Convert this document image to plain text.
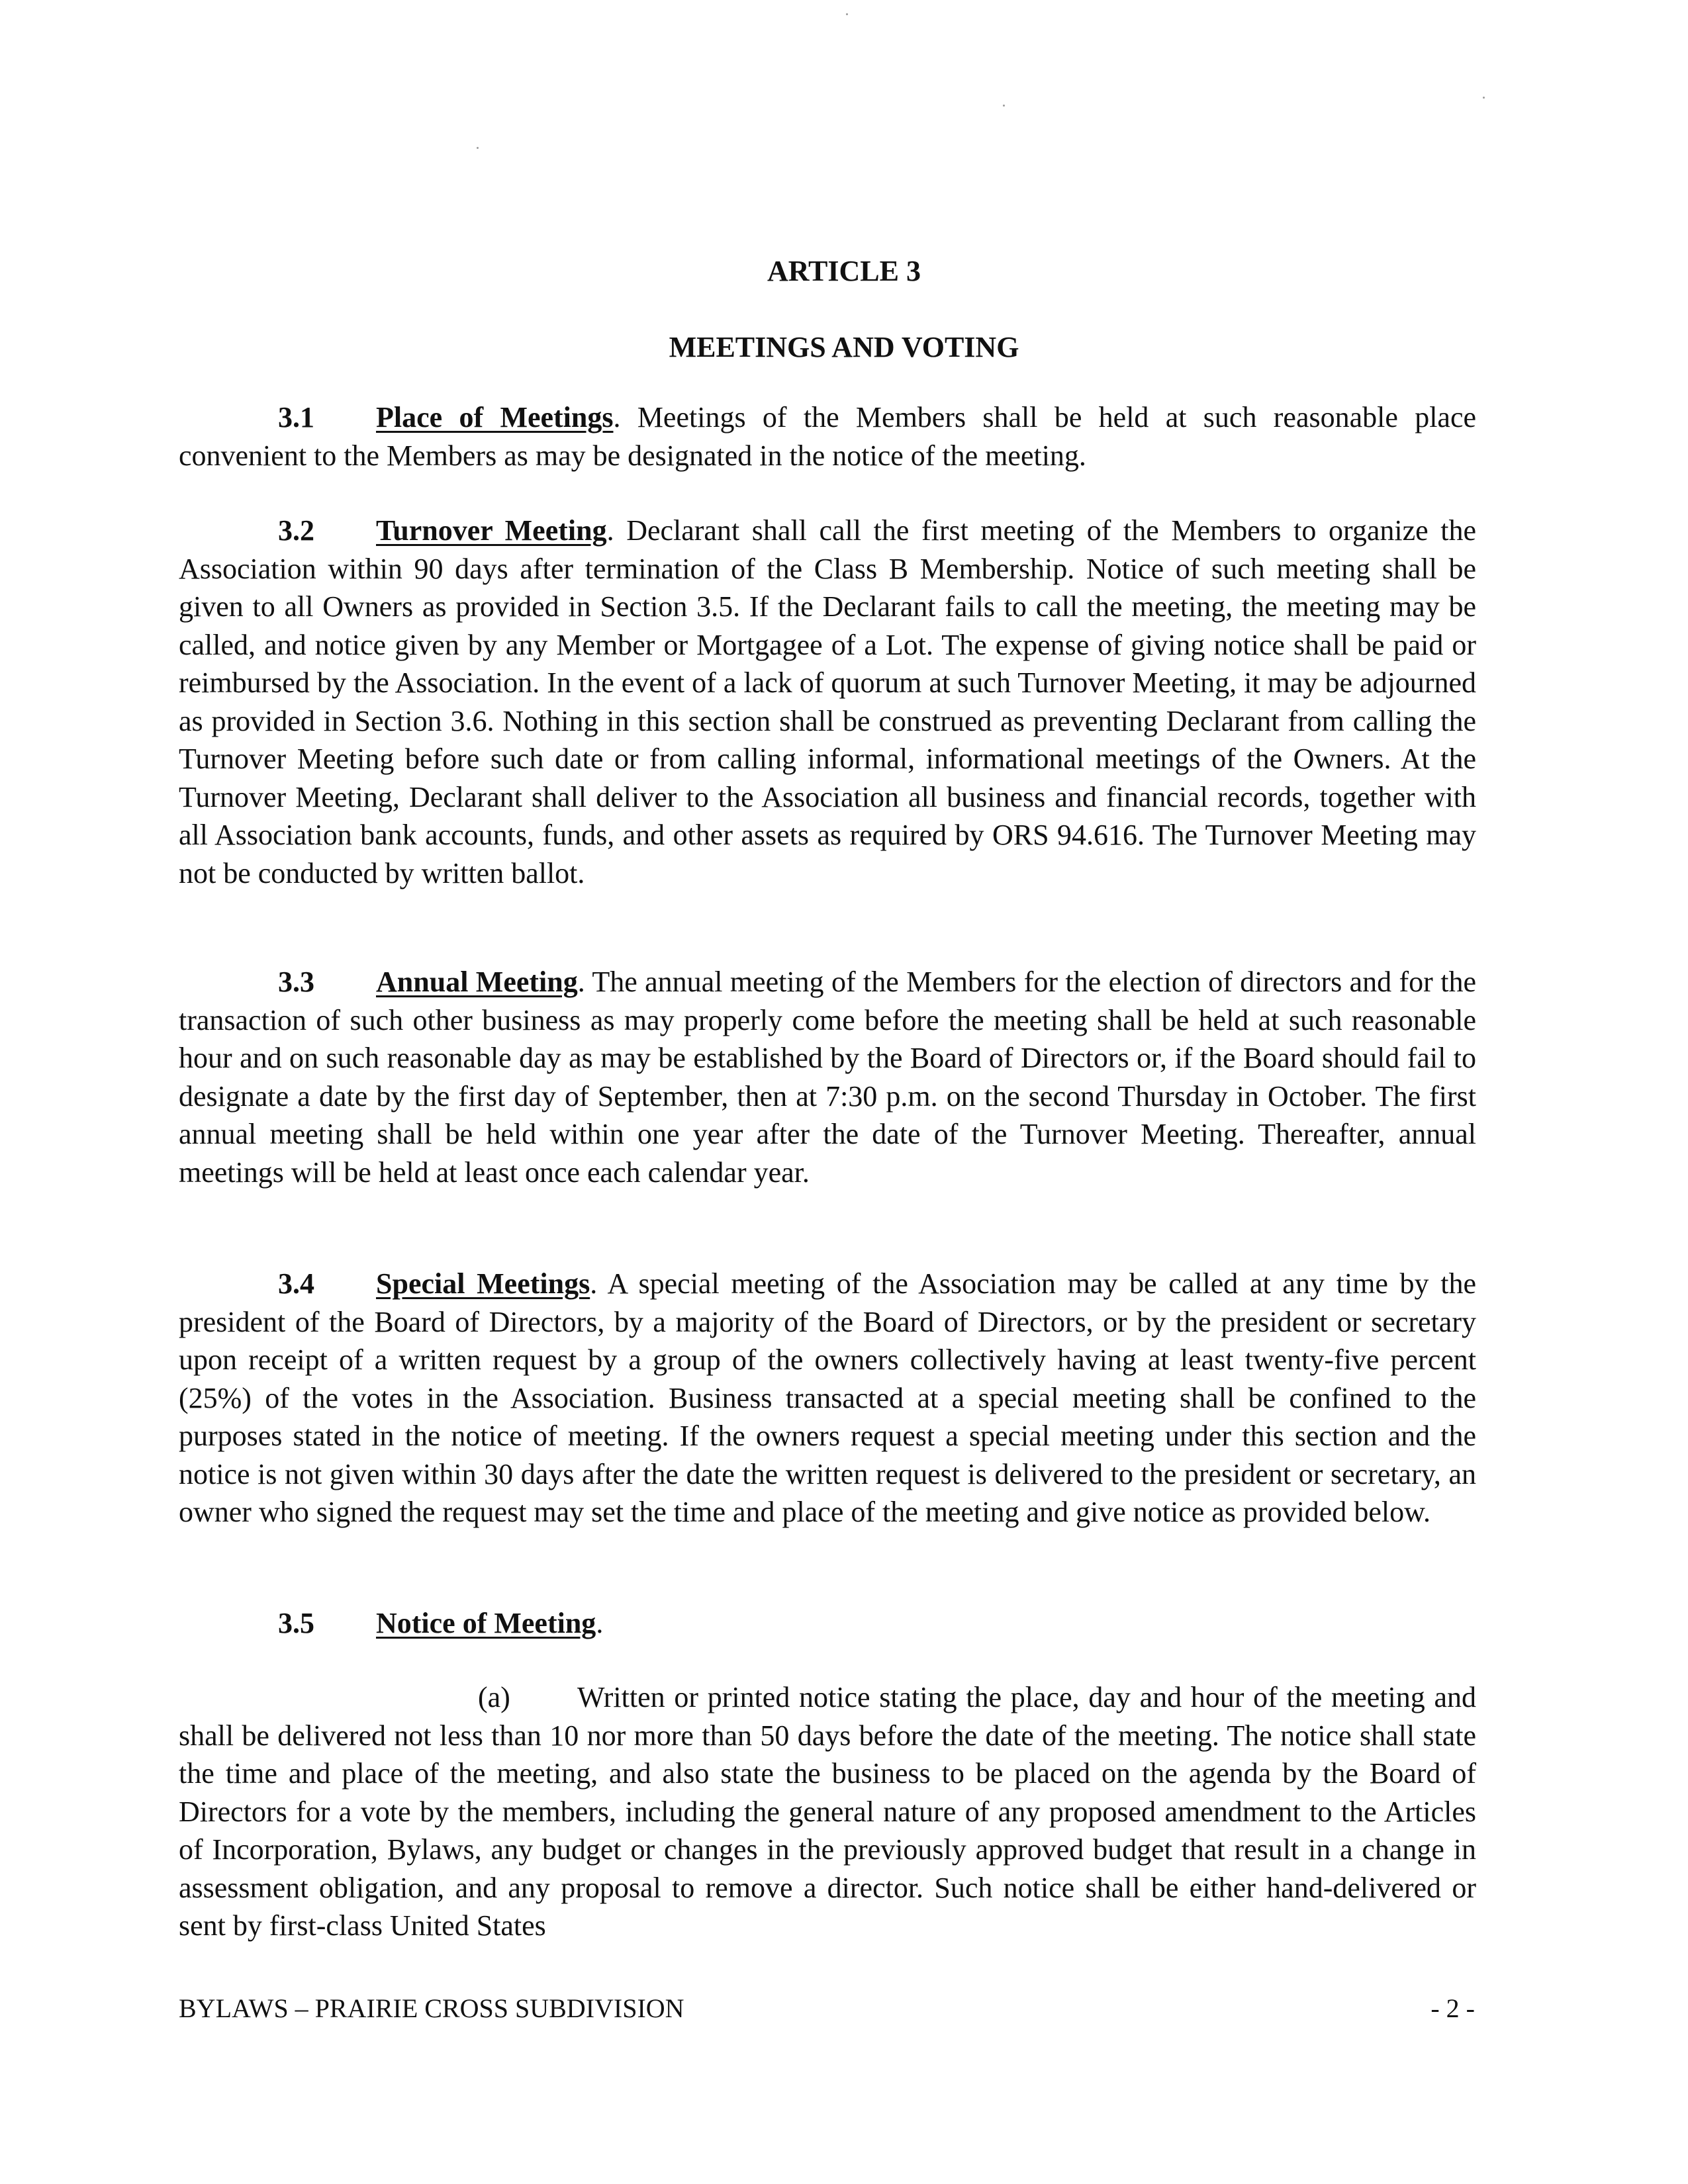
ARTICLE 3
MEETINGS AND VOTING

3.1 Place of Meetings. Meetings of the Members shall be held at such reasonable place convenient to the Members as may be designated in the notice of the meeting.

3.2 Turnover Meeting. Declarant shall call the first meeting of the Members to organize the Association within 90 days after termination of the Class B Membership. Notice of such meeting shall be given to all Owners as provided in Section 3.5. If the Declarant fails to call the meeting, the meeting may be called, and notice given by any Member or Mortgagee of a Lot. The expense of giving notice shall be paid or reimbursed by the Association. In the event of a lack of quorum at such Turnover Meeting, it may be adjourned as provided in Section 3.6. Nothing in this section shall be construed as preventing Declarant from calling the Turnover Meeting before such date or from calling informal, informational meetings of the Owners. At the Turnover Meeting, Declarant shall deliver to the Association all business and financial records, together with all Association bank accounts, funds, and other assets as required by ORS 94.616. The Turnover Meeting may not be conducted by written ballot.

3.3 Annual Meeting. The annual meeting of the Members for the election of directors and for the transaction of such other business as may properly come before the meeting shall be held at such reasonable hour and on such reasonable day as may be established by the Board of Directors or, if the Board should fail to designate a date by the first day of September, then at 7:30 p.m. on the second Thursday in October. The first annual meeting shall be held within one year after the date of the Turnover Meeting. Thereafter, annual meetings will be held at least once each calendar year.

3.4 Special Meetings. A special meeting of the Association may be called at any time by the president of the Board of Directors, by a majority of the Board of Directors, or by the president or secretary upon receipt of a written request by a group of the owners collectively having at least twenty-five percent (25%) of the votes in the Association. Business transacted at a special meeting shall be confined to the purposes stated in the notice of meeting. If the owners request a special meeting under this section and the notice is not given within 30 days after the date the written request is delivered to the president or secretary, an owner who signed the request may set the time and place of the meeting and give notice as provided below.

3.5 Notice of Meeting.

(a) Written or printed notice stating the place, day and hour of the meeting and shall be delivered not less than 10 nor more than 50 days before the date of the meeting. The notice shall state the time and place of the meeting, and also state the business to be placed on the agenda by the Board of Directors for a vote by the members, including the general nature of any proposed amendment to the Articles of Incorporation, Bylaws, any budget or changes in the previously approved budget that result in a change in assessment obligation, and any proposal to remove a director. Such notice shall be either hand-delivered or sent by first-class United States

BYLAWS – PRAIRIE CROSS SUBDIVISION	- 2 -
